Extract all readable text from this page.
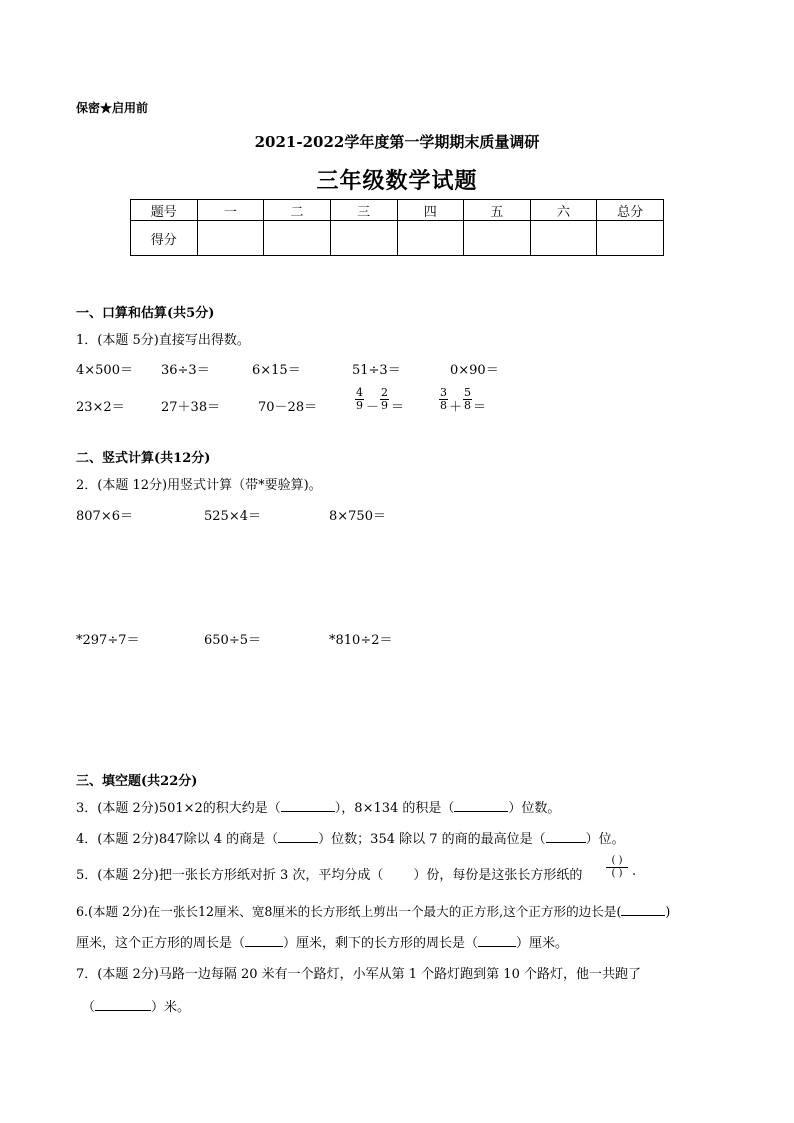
保密★启用前
2021-2022学年度第一学期期末质量调研
三年级数学试题
题号	一	二	三	四	五	六	总分
得分							
一、口算和估算(共5分)
1．(本题 5分)直接写出得数。
4×500＝ 36÷3＝	6×15＝	51÷3＝	0×90＝
23×2＝	27＋38＝	70－28＝	$\frac{4}{9} - \frac{2}{9}$ ＝	$\frac{3}{8} + \frac{5}{8}$ ＝
二、竖式计算(共12分)
2．(本题 12分)用竖式计算（带*要验算)。
807×6＝	525×4＝	8×750＝
*297÷7＝	650÷5＝	*810÷2＝
三、填空题(共22分)
3．(本题 2分)501×2的积大约是（	），8×134 的积是（	）位数。
4．(本题 2分)847除以 4 的商是（	）位数；354 除以 7 的商的最高位是（	）位。
5．(本题 2分)把一张长方形纸对折 3 次，平均分成（ ）份，每份是这张长方形纸的
( )
( ) .
6.(本题 2分)在一张长12厘米、宽8厘米的长方形纸上剪出一个最大的正方形,这个正方形的边长是(	)
厘米，这个正方形的周长是（	）厘米，剩下的长方形的周长是（	）厘米。
7．(本题 2分)马路一边每隔 20 米有一个路灯，小军从第 1 个路灯跑到第 10 个路灯，他一共跑了
（	）米。
